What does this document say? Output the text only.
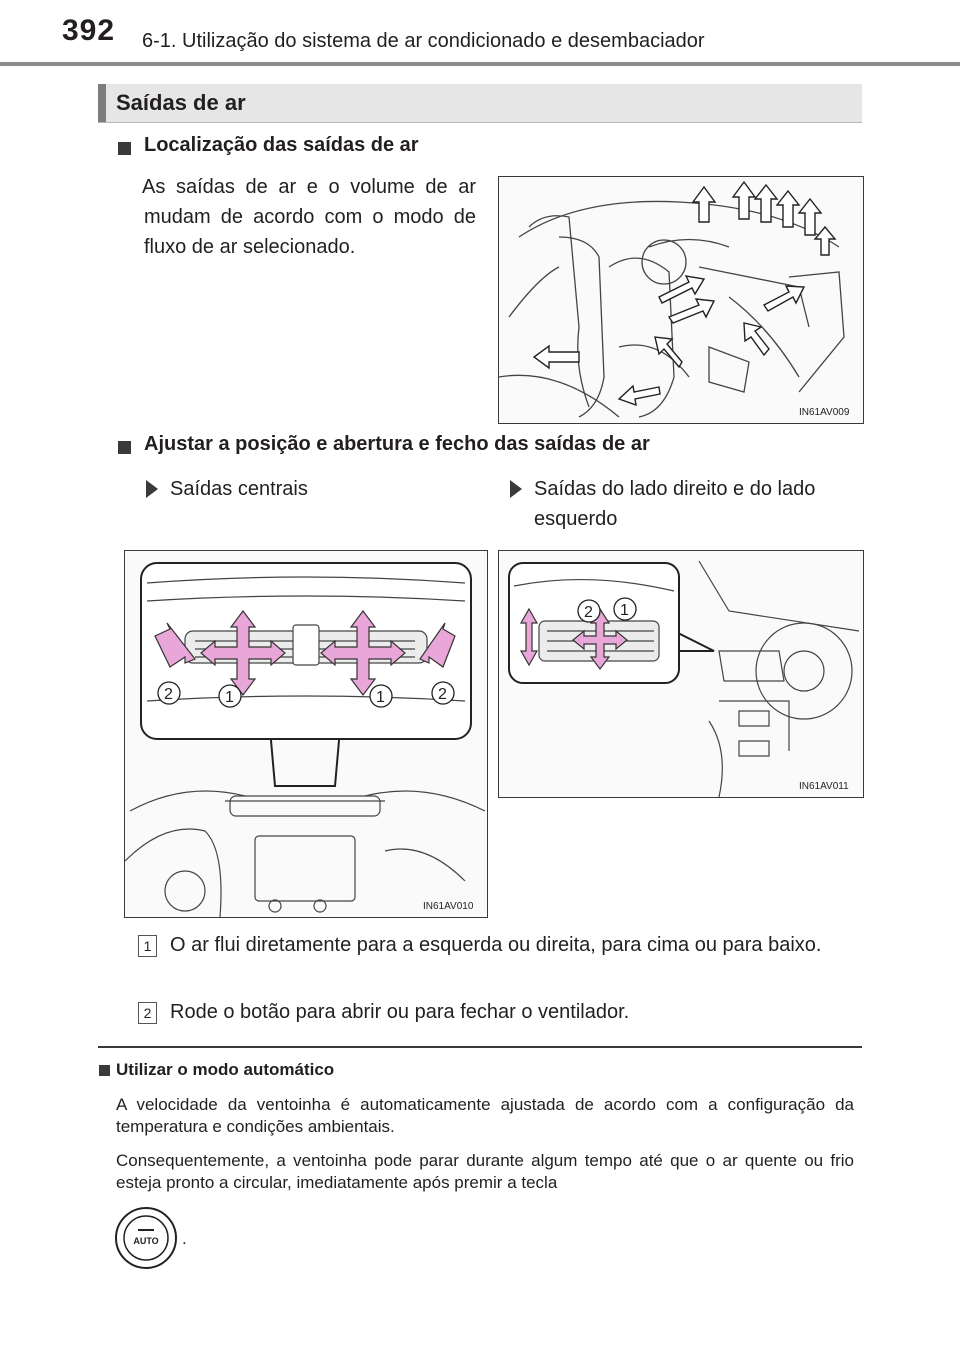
392 6-1. Utilização do sistema de ar condicionado e desembaciador
Saídas de ar
Localização das saídas de ar
As saídas de ar e o volume de ar mudam de acordo com o modo de fluxo de ar selecionado.
IN61AV009
Ajustar a posição e abertura e fecho das saídas de ar
Saídas centrais	Saídas do lado direito e do lado esquerdo
2	1	1	2
IN61AV010
2 1
IN61AV011
1 O ar flui diretamente para a esquerda ou direita, para cima ou para baixo.
2 Rode o botão para abrir ou para fechar o ventilador.
Utilizar o modo automático
A velocidade da ventoinha é automaticamente ajustada de acordo com a configuração da temperatura e condições ambientais.
Consequentemente, a ventoinha pode parar durante algum tempo até que o ar quente ou frio esteja pronto a circular, imediatamente após premir a tecla
AUTO .
